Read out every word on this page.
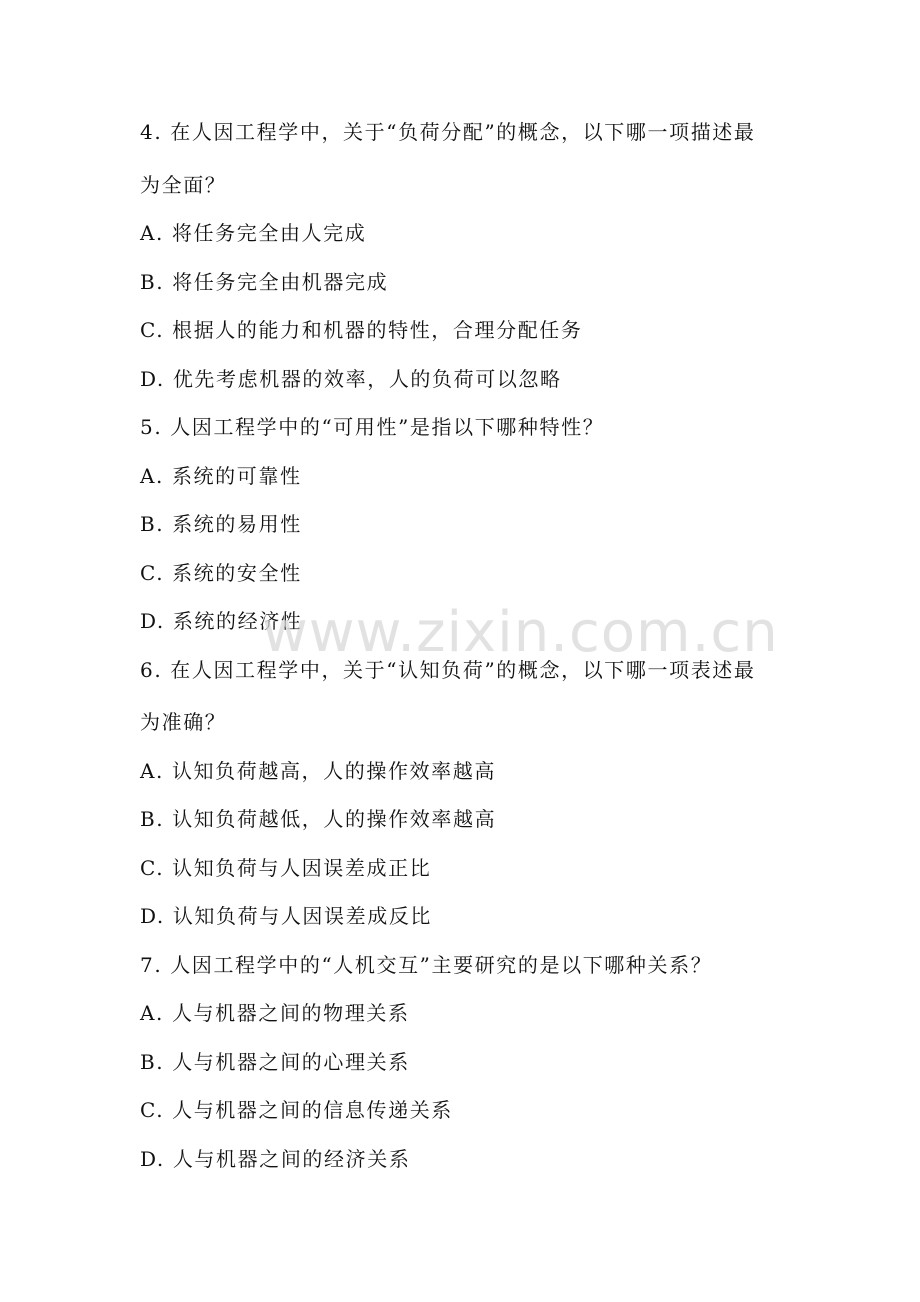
4. 在人因工程学中，关于“负荷分配”的概念，以下哪一项描述最
为全面？
A. 将任务完全由人完成
B. 将任务完全由机器完成
C. 根据人的能力和机器的特性，合理分配任务
D. 优先考虑机器的效率，人的负荷可以忽略
5. 人因工程学中的“可用性”是指以下哪种特性？
A. 系统的可靠性
B. 系统的易用性
C. 系统的安全性
D. 系统的经济性
6. 在人因工程学中，关于“认知负荷”的概念，以下哪一项表述最
为准确？
A. 认知负荷越高，人的操作效率越高
B. 认知负荷越低，人的操作效率越高
C. 认知负荷与人因误差成正比
D. 认知负荷与人因误差成反比
7. 人因工程学中的“人机交互”主要研究的是以下哪种关系？
A. 人与机器之间的物理关系
B. 人与机器之间的心理关系
C. 人与机器之间的信息传递关系
D. 人与机器之间的经济关系
www.zixin.com.cn
